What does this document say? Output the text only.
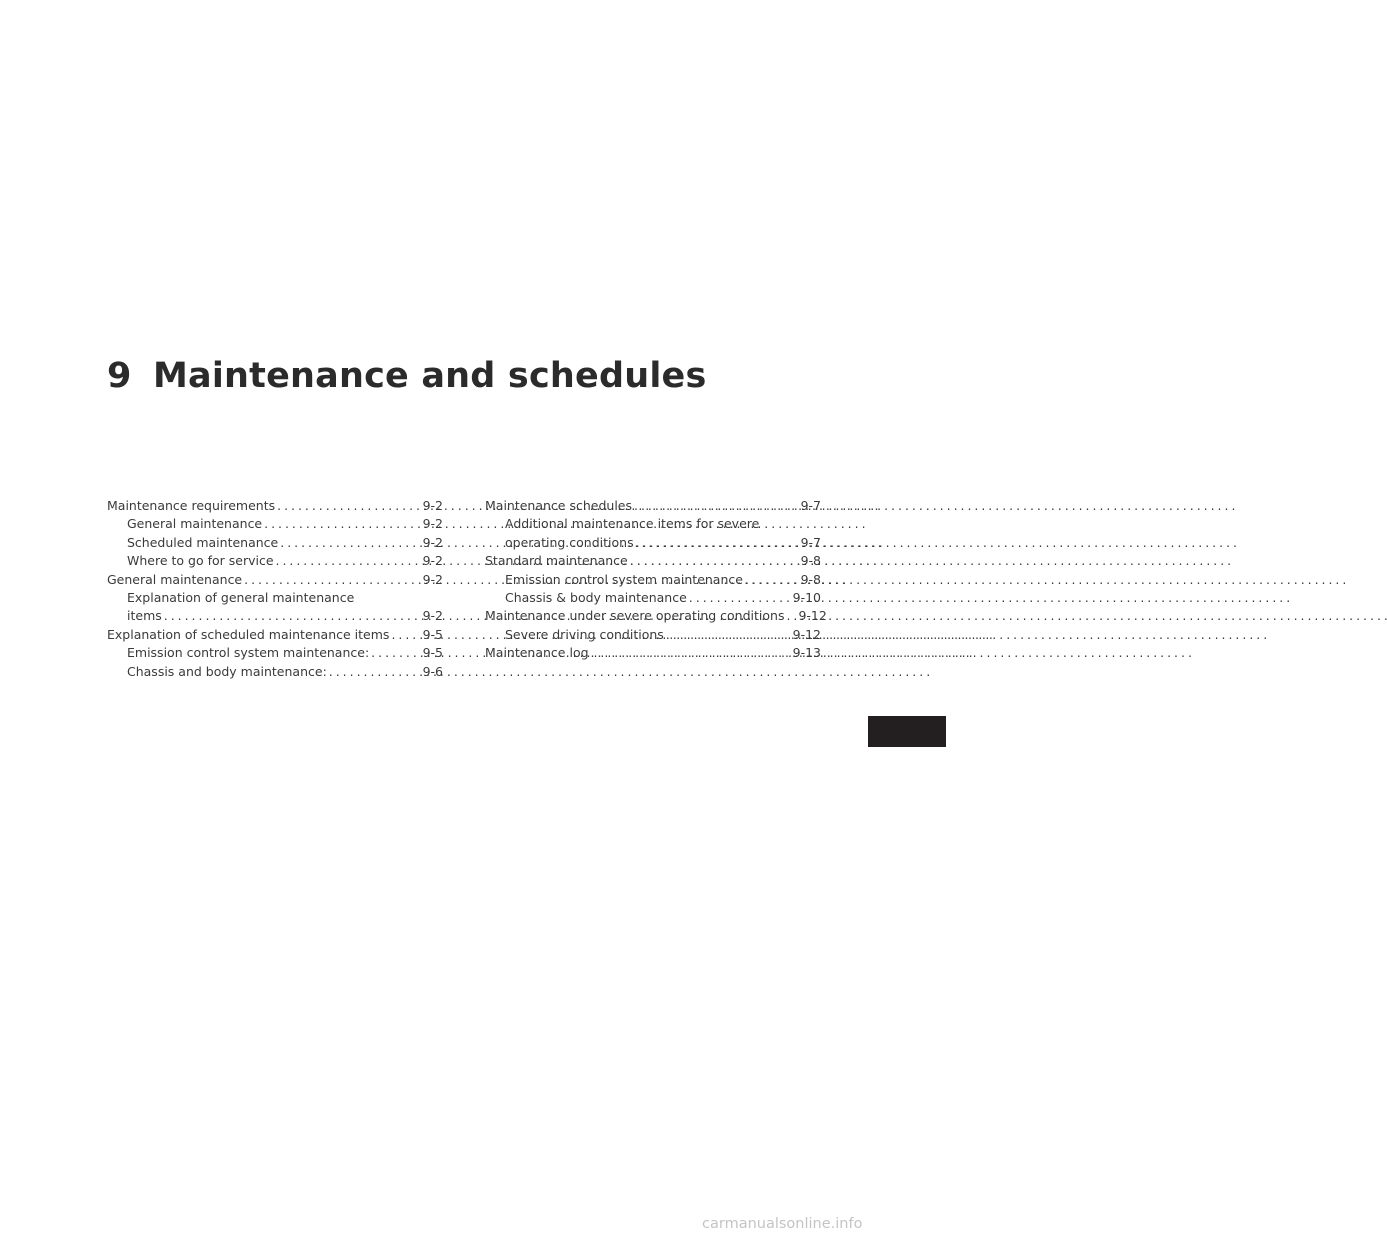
9 Maintenance and schedules
Maintenance requirements . . .	9-2
General maintenance . . .	9-2
Scheduled maintenance . . .	9-2
Where to go for service . . .	9-2
General maintenance . . .	9-2
Explanation of general maintenance
items . . .	9-2
Explanation of scheduled maintenance items . . .	9-5
Emission control system maintenance: . . .	9-5
Chassis and body maintenance: . . .	9-6
Maintenance schedules . . .	9-7
Additional maintenance items for severe
operating conditions . . .	9-7
Standard maintenance . . .	9-8
Emission control system maintenance . . .	9-8
Chassis & body maintenance . . .	9-10
Maintenance under severe operating conditions . . . 9-12
Severe driving conditions . . .	9-12
Maintenance log . . .	9-13
carmanualsonline.info
